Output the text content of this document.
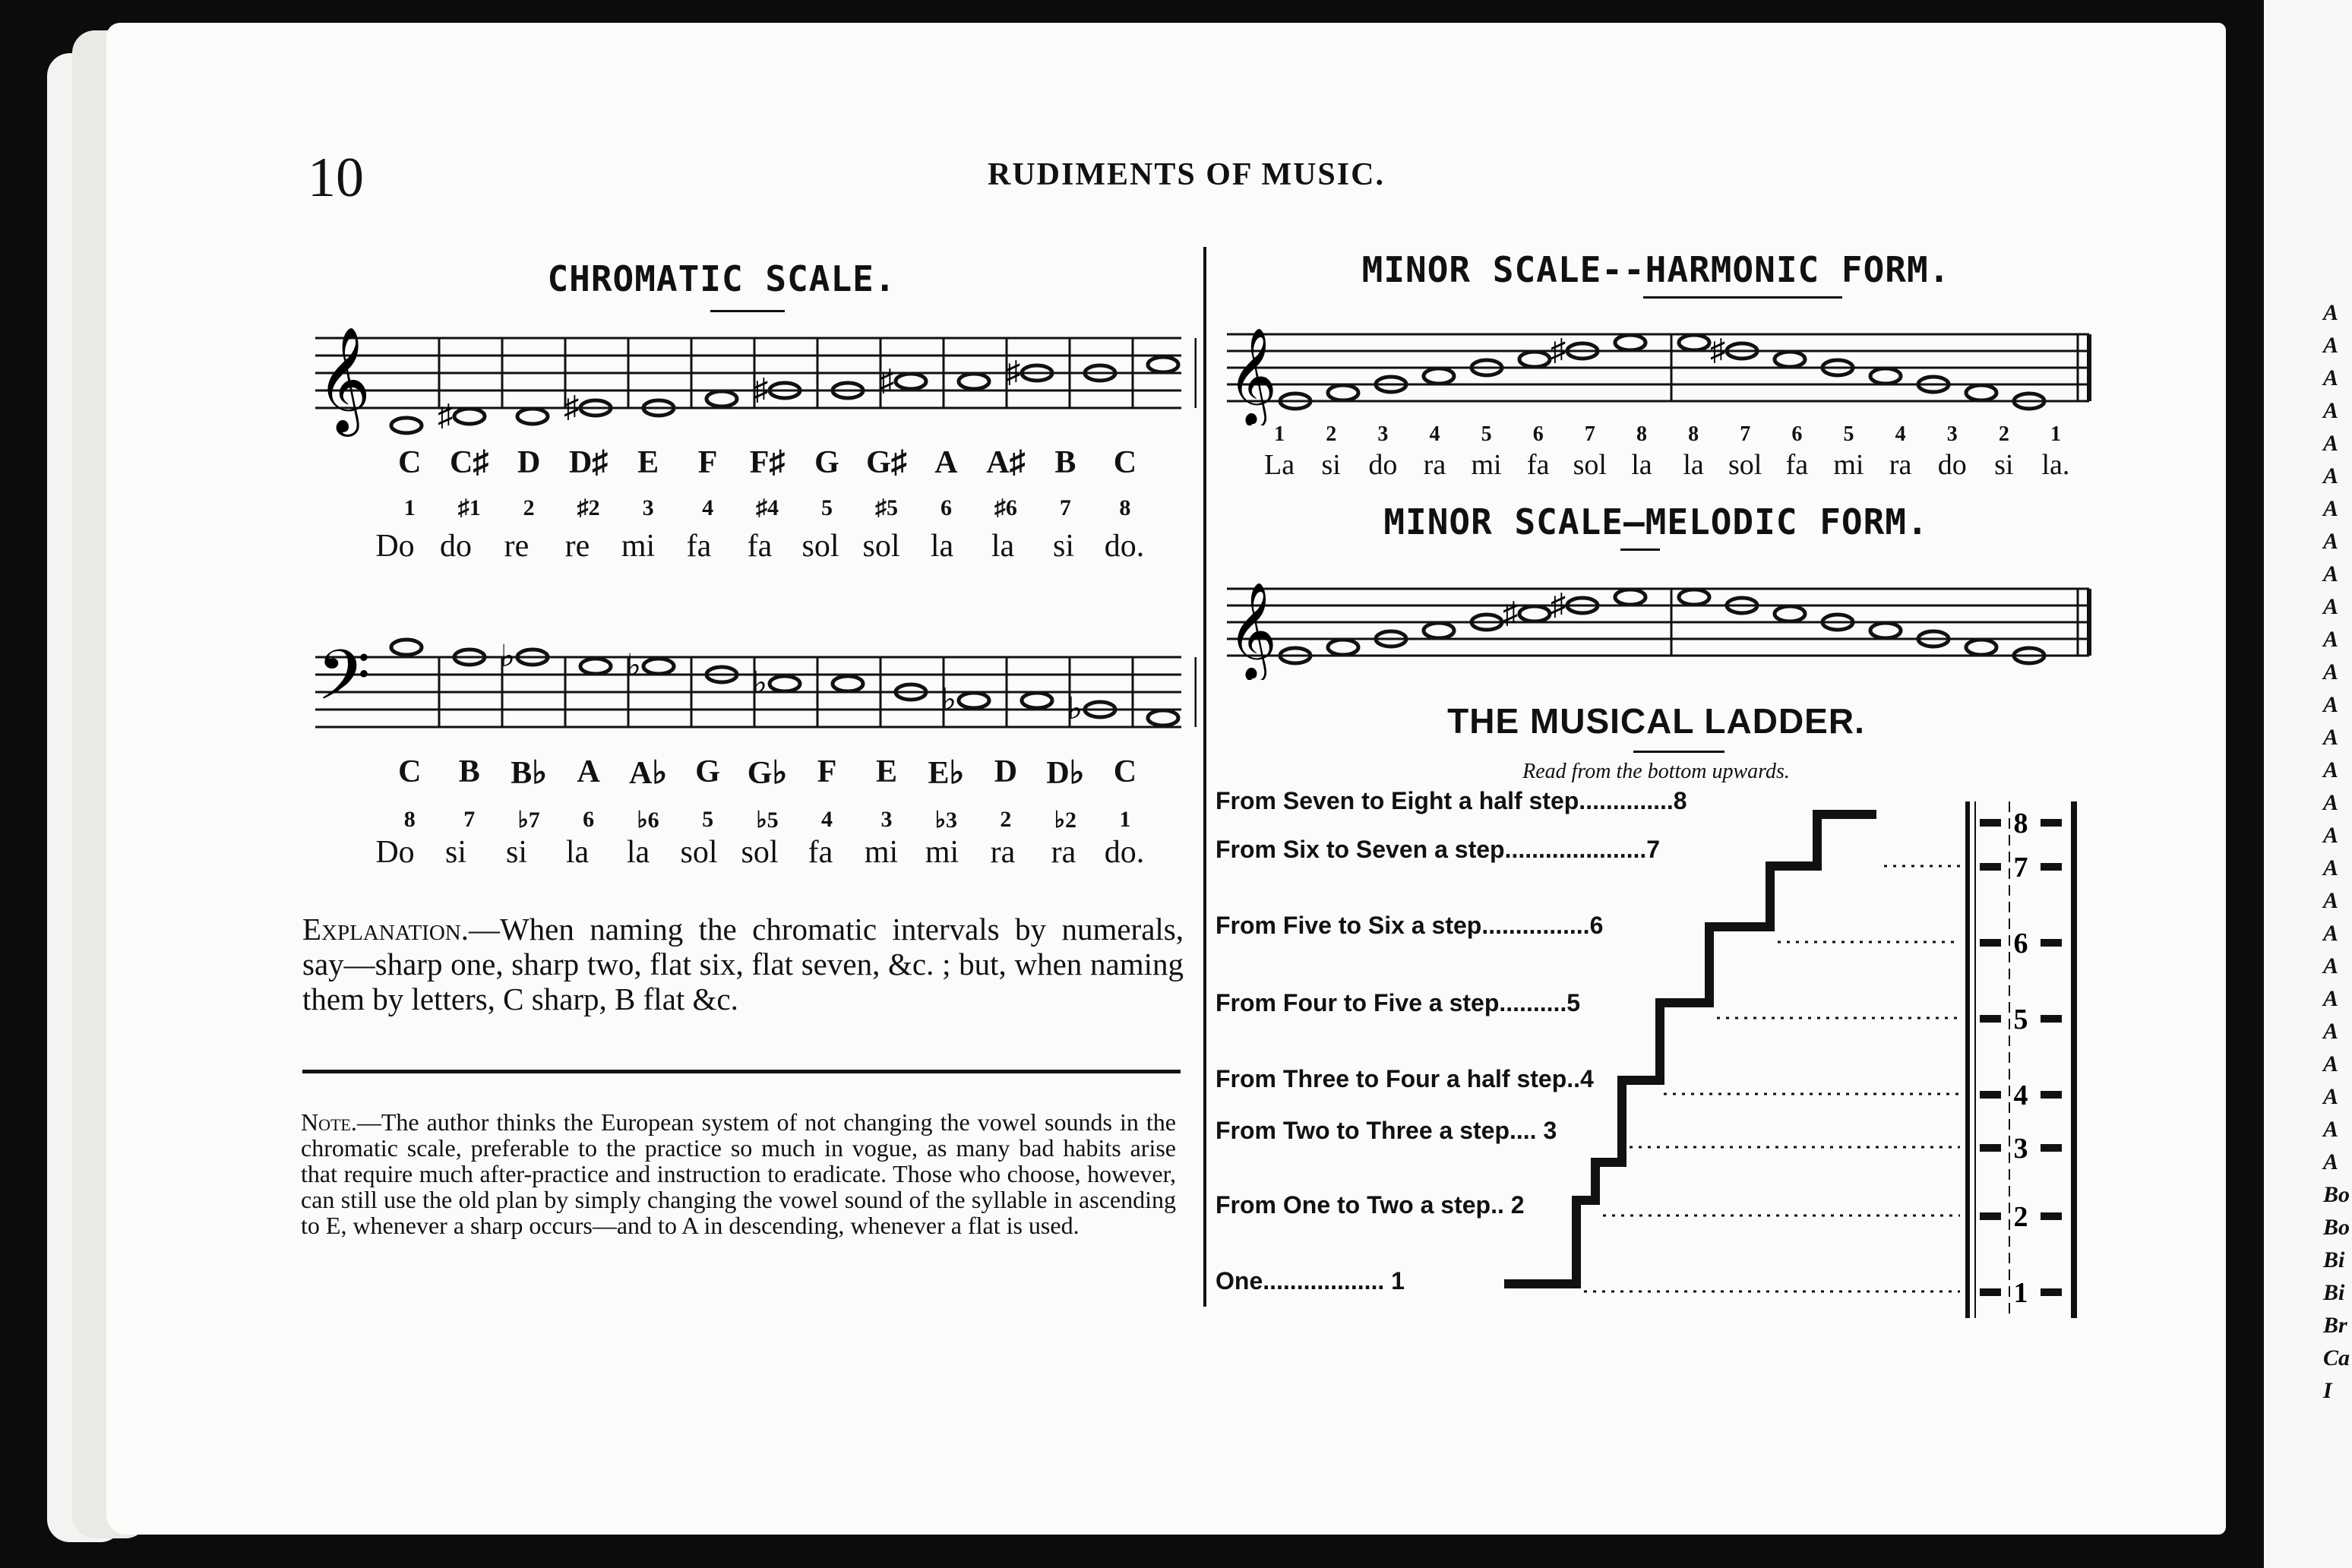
10	RUDIMENTS OF MUSIC.
CHROMATIC SCALE.
𝄞 ♯	♯
♯	♯	♯
C C♯ D D♯ E	F	F♯ G G♯ A A♯ B	C
1	♯1	2	♯2	3	4	♯4	5	♯5	6	♯6	7	8
Do do	re	re mi fa	fa sol sol la	la	si do.
𝄢	♭	♭
♭	♭	♭
C	B B♭ A A♭ G G♭ F	E E♭ D D♭ C
8	7	♭7	6	♭6	5	♭5	4	3	♭3	2	♭2	1
Do si	si	la	la sol sol fa mi mi ra	ra do.
Explanation.—When naming the chromatic intervals by numerals, say—sharp one, sharp two, flat six, flat seven, &c. ; but, when naming them by letters, C sharp, B flat &c.
Note.—The author thinks the European system of not changing the vowel sounds in the chromatic scale, preferable to the practice so much in vogue, as many bad habits arise that require much after-practice and instruction to eradicate. Those who choose, however, can still use the old plan by simply changing the vowel sound of the syllable in ascending to E, whenever a sharp occurs—and to A in descending, whenever a flat is used.
MINOR SCALE--HARMONIC FORM.
𝄞	♯	♯
1	2	3	4	5	6	7	8	8	7	6	5	4	3	2	1
La si do ra mi fa sol la	la sol fa mi ra do si la.
MINOR SCALE—MELODIC FORM.
𝄞	♯ ♯
THE MUSICAL LADDER.
Read from the bottom upwards.
From Seven to Eight a half step..............8
From Six to Seven a step.....................7
From Five to Six a step................6
From Four to Five a step..........5
From Three to Four a half step..4
From Two to Three a step.... 3
From One to Two a step.. 2
One.................. 1
8
7
6
5
4
3
2
1
A
A
A
A
A
A
A
A
A
A
A
A
A
A
A
A
A
A
A
A
A
A
A
A
A
A
A
Bo
Bo
Bi
Bi
Br
Ca
I
